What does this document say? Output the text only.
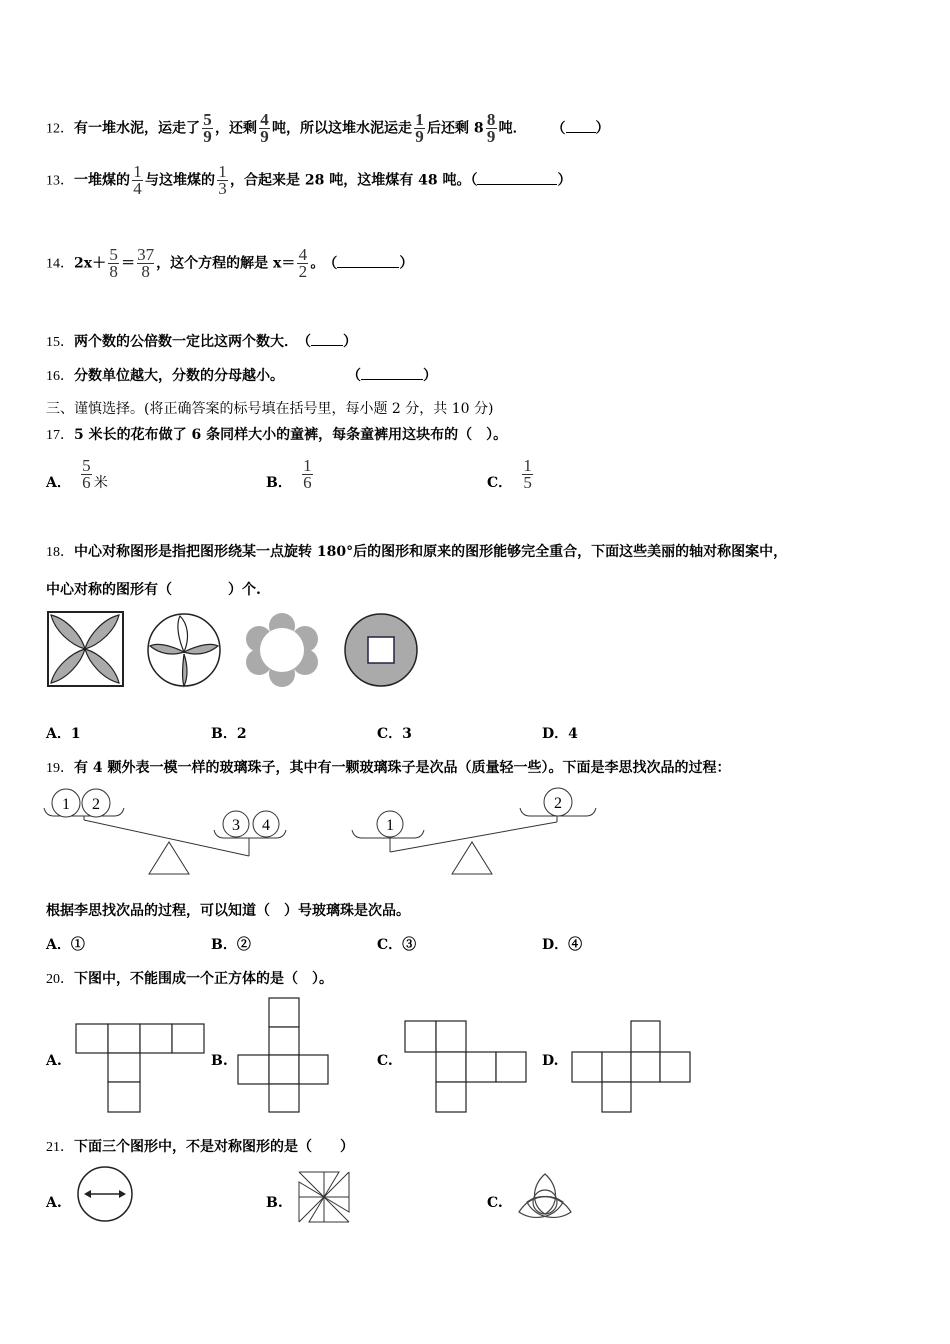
12．有一堆水泥，运走了 $\frac{5}{9}$ ，还剩 $\frac{4}{9}$ 吨，所以这堆水泥运走 $\frac{1}{9}$ 后还剩 $8 \frac{8}{9}$ 吨． （ ）
13．一堆煤的 $\frac{1}{4}$ 与这堆煤的 $\frac{1}{3}$ ，合起来是 28 吨，这堆煤有 48 吨。（	）
14．$2x+ \frac{5}{8} = \frac{37}{8}$ ，这个方程的解是 $x= \frac{4}{2}$ 。 （	）
15．两个数的公倍数一定比这两个数大． （ ）
16．分数单位越大，分数的分母越小。	（	）
三、谨慎选择。(将正确答案的标号填在括号里，每小题 2 分，共 10 分)
17．5 米长的花布做了 6 条同样大小的童裤，每条童裤用这块布的（　）。
A． $\frac{5}{6}$ 米	B． $\frac{1}{6}$	C． $\frac{1}{5}$
18．中心对称图形是指把图形绕某一点旋转 180°后的图形和原来的图形能够完全重合，下面这些美丽的轴对称图案中，
中心对称的图形有（　　　　）个.
A．1	B．2	C．3	D．4
19．有 4 颗外表一模一样的玻璃珠子，其中有一颗玻璃珠子是次品（质量轻一些）。下面是李思找次品的过程：
1 2
3 4	1
2
根据李思找次品的过程，可以知道（　）号玻璃珠是次品。
A．①	B．②	C．③	D．④
20．下图中，不能围成一个正方体的是（　）。
A.	B.	C.	D.
21．下面三个图形中，不是对称图形的是（　　）
A.	B.	C.
